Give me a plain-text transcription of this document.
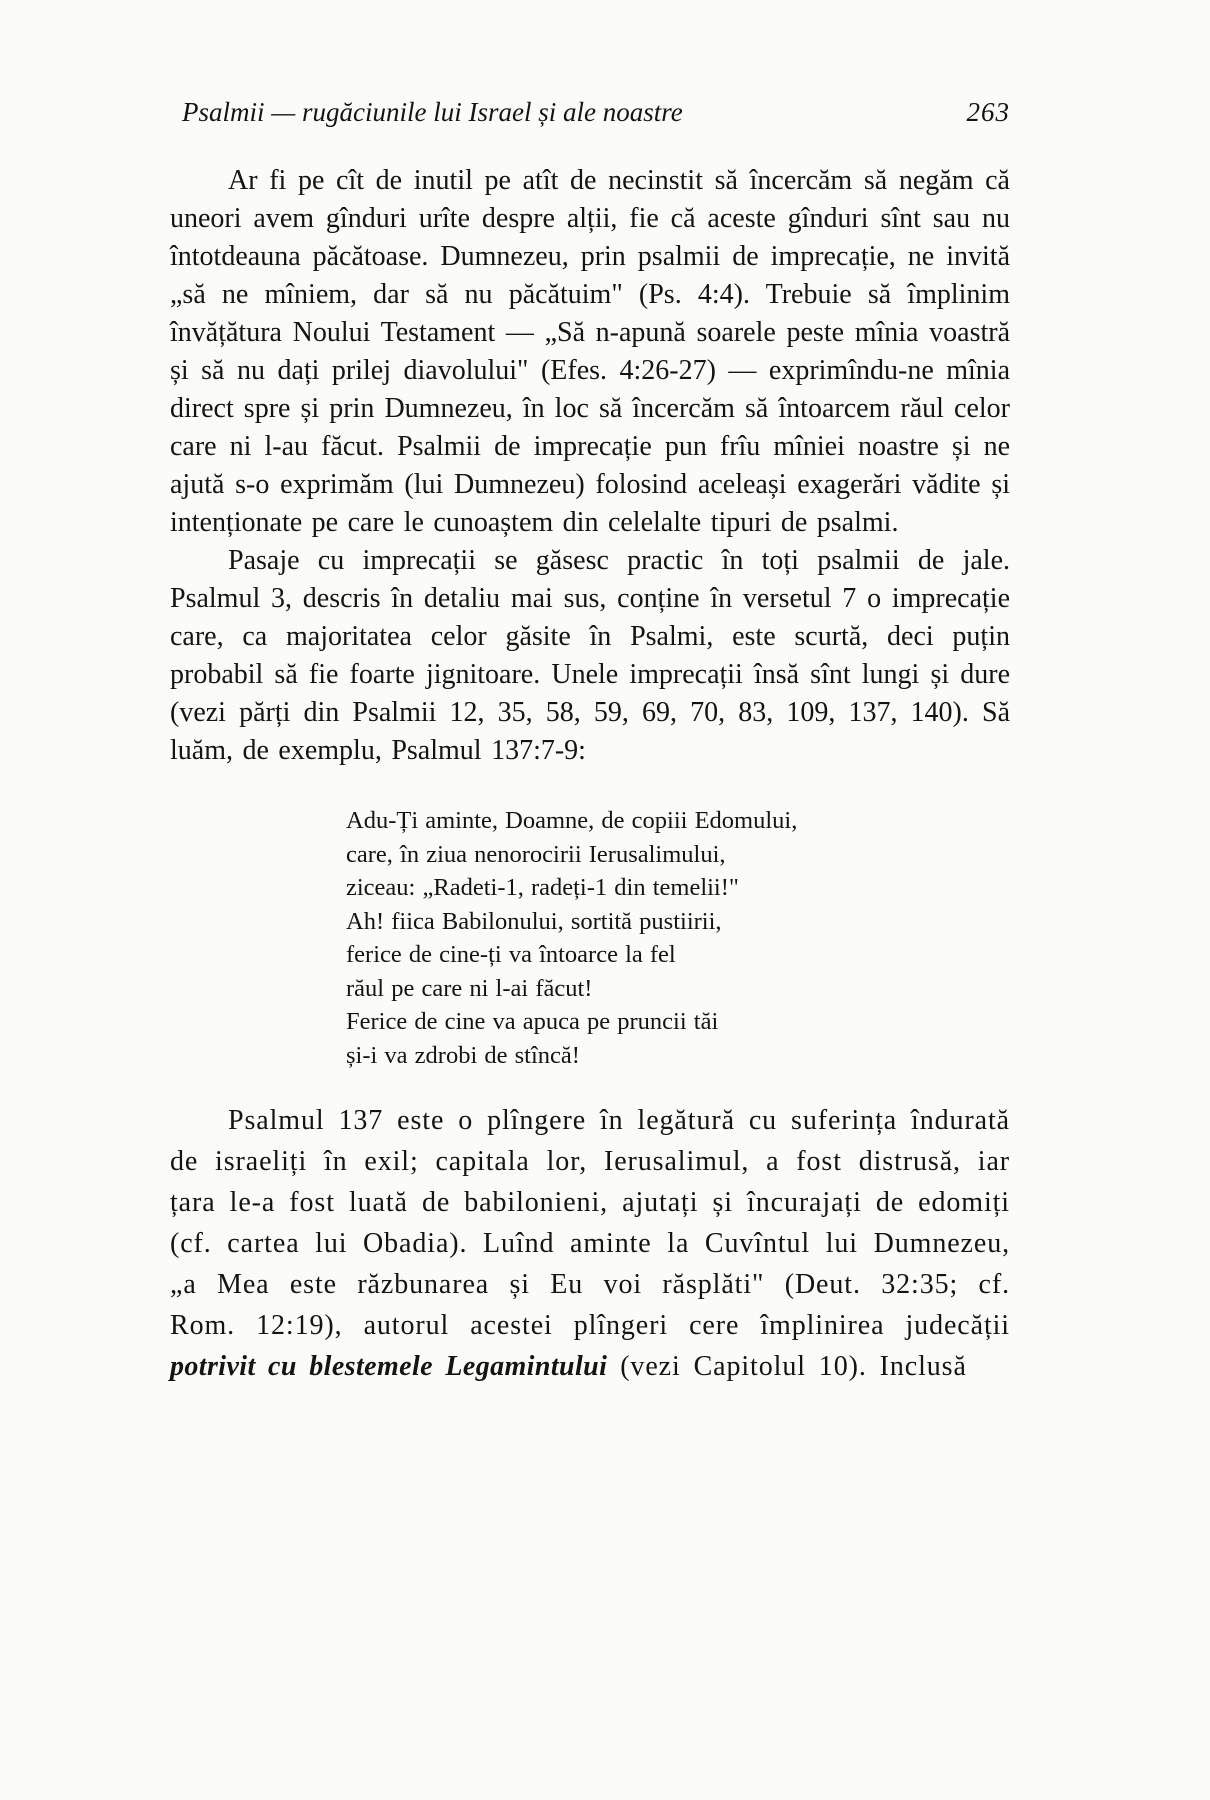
Psalmii — rugăciunile lui Israel și ale noastre	263

Ar fi pe cît de inutil pe atît de necinstit să încercăm să negăm că uneori avem gînduri urîte despre alții, fie că aceste gînduri sînt sau nu întotdeauna păcătoase. Dumnezeu, prin psalmii de imprecație, ne invită „să ne mîniem, dar să nu păcătuim" (Ps. 4:4). Trebuie să împlinim învățătura Noului Testament — „Să n-apună soarele peste mînia voastră și să nu dați prilej diavolului" (Efes. 4:26-27) — exprimîndu-ne mînia direct spre și prin Dumnezeu, în loc să încercăm să întoarcem răul celor care ni l-au făcut. Psalmii de imprecație pun frîu mîniei noastre și ne ajută s-o exprimăm (lui Dumnezeu) folosind aceleași exagerări vădite și intenționate pe care le cunoaștem din celelalte tipuri de psalmi.

Pasaje cu imprecații se găsesc practic în toți psalmii de jale. Psalmul 3, descris în detaliu mai sus, conține în versetul 7 o imprecație care, ca majoritatea celor găsite în Psalmi, este scurtă, deci puțin probabil să fie foarte jignitoare. Unele imprecații însă sînt lungi și dure (vezi părți din Psalmii 12, 35, 58, 59, 69, 70, 83, 109, 137, 140). Să luăm, de exemplu, Psalmul 137:7-9:

Adu-Ți aminte, Doamne, de copiii Edomului,
care, în ziua nenorocirii Ierusalimului,
ziceau: „Radeti-1, radeți-1 din temelii!"
Ah! fiica Babilonului, sortită pustiirii,
ferice de cine-ți va întoarce la fel
răul pe care ni l-ai făcut!
Ferice de cine va apuca pe pruncii tăi
și-i va zdrobi de stîncă!

Psalmul 137 este o plîngere în legătură cu suferința îndurată de israeliți în exil; capitala lor, Ierusalimul, a fost distrusă, iar țara le-a fost luată de babilonieni, ajutați și încurajați de edomiți (cf. cartea lui Obadia). Luînd aminte la Cuvîntul lui Dumnezeu, „a Mea este răzbunarea și Eu voi răsplăti" (Deut. 32:35; cf. Rom. 12:19), autorul acestei plîngeri cere împlinirea judecății potrivit cu blestemele Legamintului (vezi Capitolul 10). Inclusă
